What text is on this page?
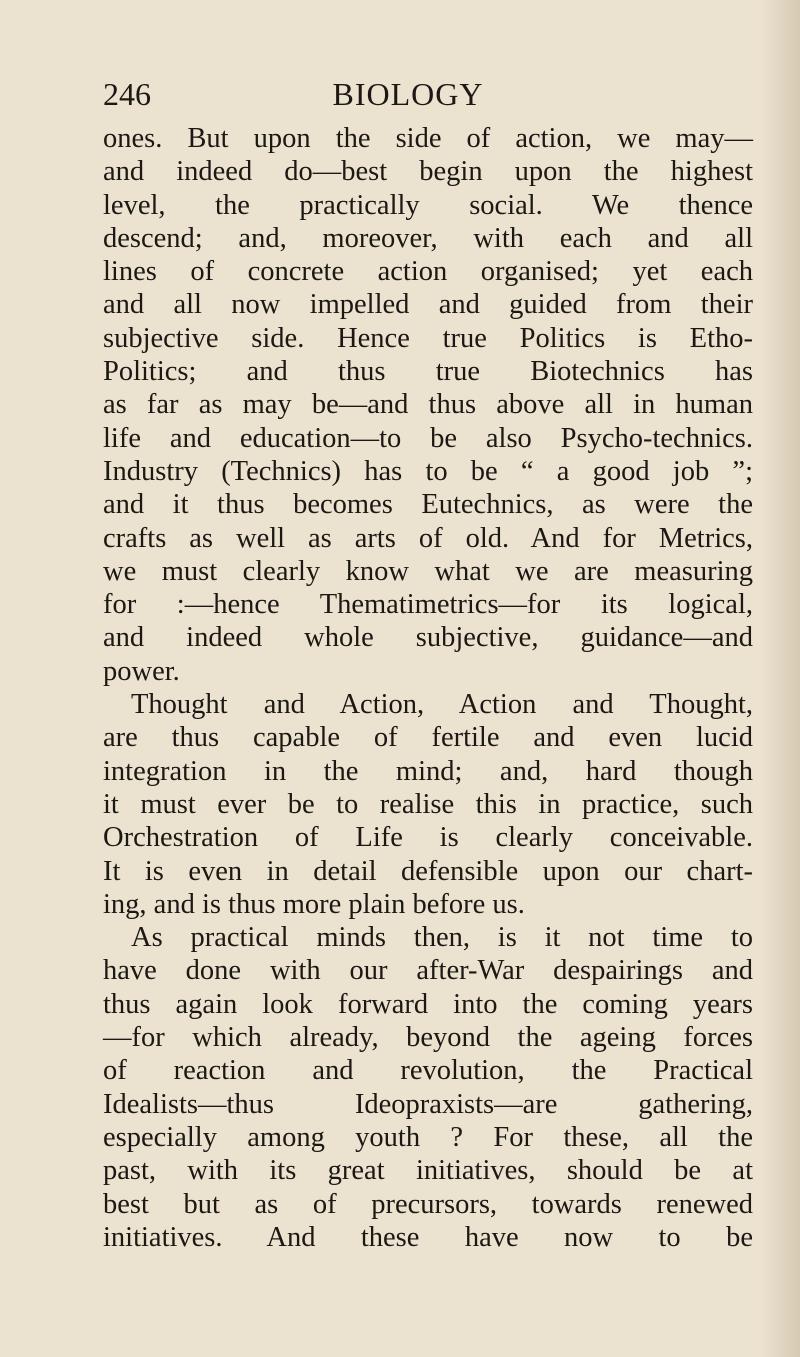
246	BIOLOGY
ones. But upon the side of action, we may—
and indeed do—best begin upon the highest
level, the practically social. We thence
descend; and, moreover, with each and all
lines of concrete action organised; yet each
and all now impelled and guided from their
subjective side. Hence true Politics is Etho-
Politics; and thus true Biotechnics has
as far as may be—and thus above all in human
life and education—to be also Psycho-technics.
Industry (Technics) has to be “ a good job ”;
and it thus becomes Eutechnics, as were the
crafts as well as arts of old. And for Metrics,
we must clearly know what we are measuring
for :—hence Thematimetrics—for its logical,
and indeed whole subjective, guidance—and
power.
Thought and Action, Action and Thought,
are thus capable of fertile and even lucid
integration in the mind; and, hard though
it must ever be to realise this in practice, such
Orchestration of Life is clearly conceivable.
It is even in detail defensible upon our chart-
ing, and is thus more plain before us.
As practical minds then, is it not time to
have done with our after-War despairings and
thus again look forward into the coming years
—for which already, beyond the ageing forces
of reaction and revolution, the Practical
Idealists—thus Ideopraxists—are gathering,
especially among youth ? For these, all the
past, with its great initiatives, should be at
best but as of precursors, towards renewed
initiatives. And these have now to be
